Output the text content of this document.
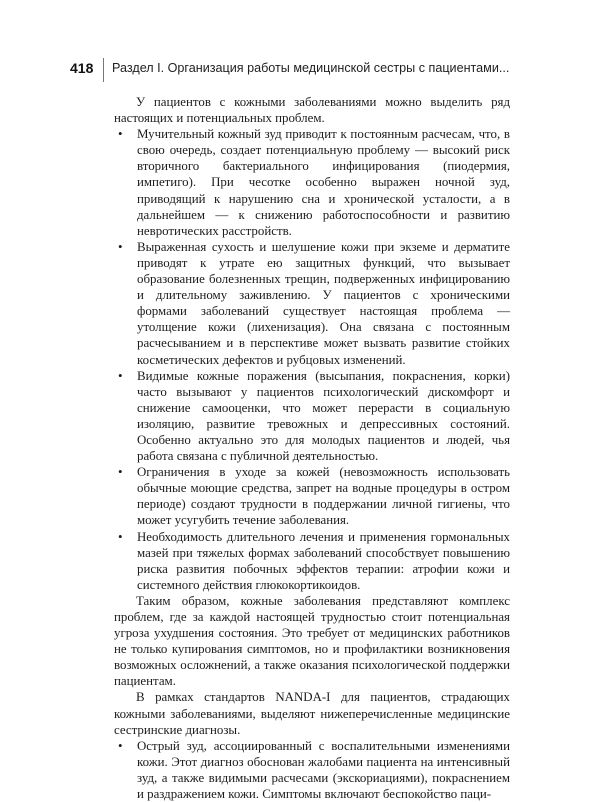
418 Раздел I. Организация работы медицинской сестры с пациентами...

У пациентов с кожными заболеваниями можно выделить ряд настоящих и потенциальных проблем.

• Мучительный кожный зуд приводит к постоянным расчесам, что, в свою очередь, создает потенциальную проблему — высокий риск вторичного бактериального инфицирования (пиодермия, импетиго). При чесотке особенно выражен ночной зуд, приводящий к нарушению сна и хронической усталости, а в дальнейшем — к снижению работоспособности и развитию невротических расстройств.
• Выраженная сухость и шелушение кожи при экземе и дерматите приводят к утрате ею защитных функций, что вызывает образование болезненных трещин, подверженных инфицированию и длительному заживлению. У пациентов с хроническими формами заболеваний существует настоящая проблема — утолщение кожи (лихенизация). Она связана с постоянным расчесыванием и в перспективе может вызвать развитие стойких косметических дефектов и рубцовых изменений.
• Видимые кожные поражения (высыпания, покраснения, корки) часто вызывают у пациентов психологический дискомфорт и снижение самооценки, что может перерасти в социальную изоляцию, развитие тревожных и депрессивных состояний. Особенно актуально это для молодых пациентов и людей, чья работа связана с публичной деятельностью.
• Ограничения в уходе за кожей (невозможность использовать обычные моющие средства, запрет на водные процедуры в остром периоде) создают трудности в поддержании личной гигиены, что может усугубить течение заболевания.
• Необходимость длительного лечения и применения гормональных мазей при тяжелых формах заболеваний способствует повышению риска развития побочных эффектов терапии: атрофии кожи и системного действия глюкокортикоидов.

Таким образом, кожные заболевания представляют комплекс проблем, где за каждой настоящей трудностью стоит потенциальная угроза ухудшения состояния. Это требует от медицинских работников не только купирования симптомов, но и профилактики возникновения возможных осложнений, а также оказания психологической поддержки пациентам.

В рамках стандартов NANDA-I для пациентов, страдающих кожными заболеваниями, выделяют нижеперечисленные медицинские сестринские диагнозы.

• Острый зуд, ассоциированный с воспалительными изменениями кожи. Этот диагноз обоснован жалобами пациента на интенсивный зуд, а также видимыми расчесами (экскориациями), покраснением и раздражением кожи. Симптомы включают беспокойство паци-
